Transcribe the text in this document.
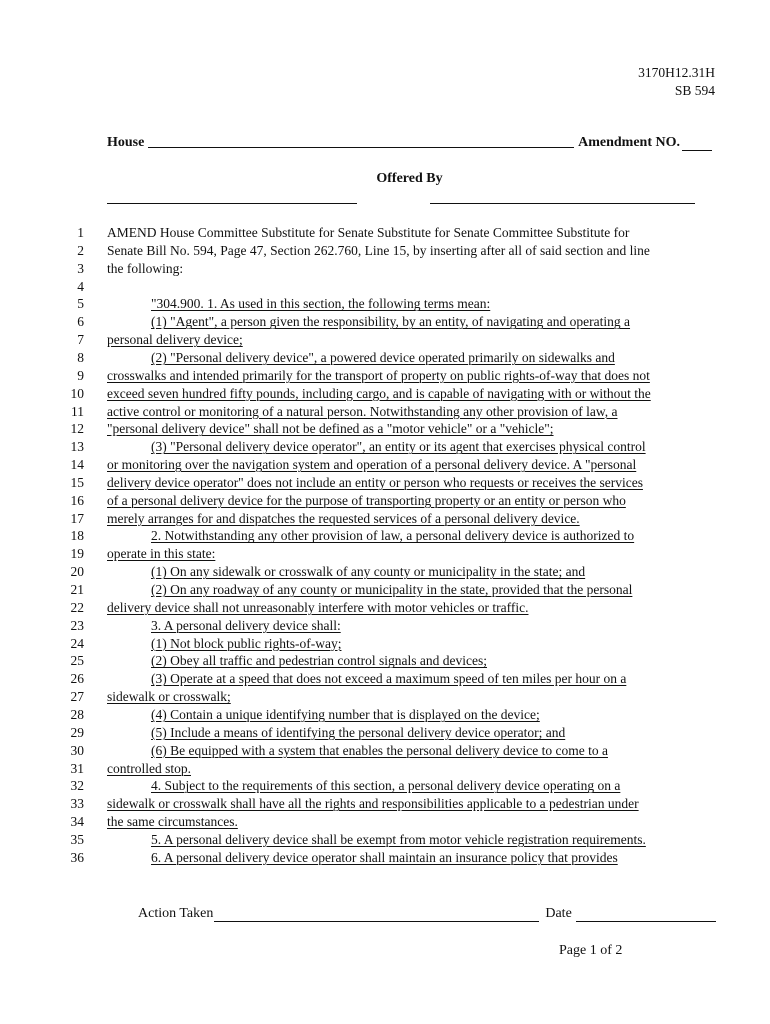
3170H12.31H
SB 594
House	Amendment NO.
Offered By
1 AMEND House Committee Substitute for Senate Substitute for Senate Committee Substitute for
2 Senate Bill No. 594, Page 47, Section 262.760, Line 15, by inserting after all of said section and line
3 the following:
4
5	"304.900. 1. As used in this section, the following terms mean:
6	(1) "Agent", a person given the responsibility, by an entity, of navigating and operating a
7 personal delivery device;
8	(2) "Personal delivery device", a powered device operated primarily on sidewalks and
9 crosswalks and intended primarily for the transport of property on public rights-of-way that does not
10 exceed seven hundred fifty pounds, including cargo, and is capable of navigating with or without the
11 active control or monitoring of a natural person. Notwithstanding any other provision of law, a
12 "personal delivery device" shall not be defined as a "motor vehicle" or a "vehicle";
13	(3) "Personal delivery device operator", an entity or its agent that exercises physical control
14 or monitoring over the navigation system and operation of a personal delivery device. A "personal
15 delivery device operator" does not include an entity or person who requests or receives the services
16 of a personal delivery device for the purpose of transporting property or an entity or person who
17 merely arranges for and dispatches the requested services of a personal delivery device.
18	2. Notwithstanding any other provision of law, a personal delivery device is authorized to
19 operate in this state:
20	(1) On any sidewalk or crosswalk of any county or municipality in the state; and
21	(2) On any roadway of any county or municipality in the state, provided that the personal
22 delivery device shall not unreasonably interfere with motor vehicles or traffic.
23	3. A personal delivery device shall:
24	(1) Not block public rights-of-way;
25	(2) Obey all traffic and pedestrian control signals and devices;
26	(3) Operate at a speed that does not exceed a maximum speed of ten miles per hour on a
27 sidewalk or crosswalk;
28	(4) Contain a unique identifying number that is displayed on the device;
29	(5) Include a means of identifying the personal delivery device operator; and
30	(6) Be equipped with a system that enables the personal delivery device to come to a
31 controlled stop.
32	4. Subject to the requirements of this section, a personal delivery device operating on a
33 sidewalk or crosswalk shall have all the rights and responsibilities applicable to a pedestrian under
34 the same circumstances.
35	5. A personal delivery device shall be exempt from motor vehicle registration requirements.
36	6. A personal delivery device operator shall maintain an insurance policy that provides
Action Taken	Date
Page 1 of 2
